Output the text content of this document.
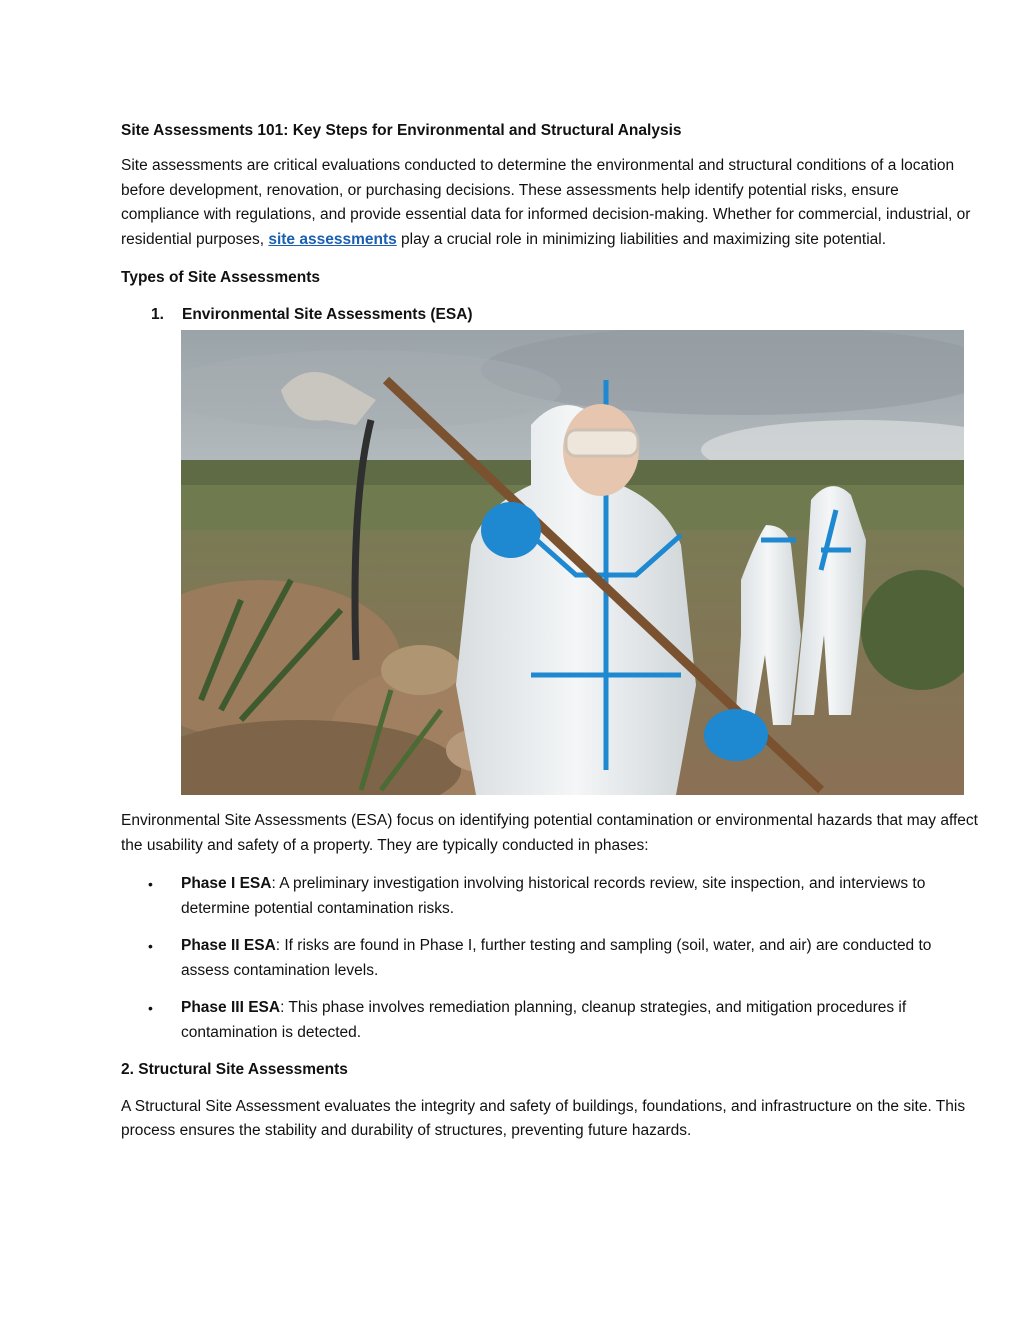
Site Assessments 101: Key Steps for Environmental and Structural Analysis

Site assessments are critical evaluations conducted to determine the environmental and structural conditions of a location before development, renovation, or purchasing decisions. These assessments help identify potential risks, ensure compliance with regulations, and provide essential data for informed decision-making. Whether for commercial, industrial, or residential purposes, site assessments play a crucial role in minimizing liabilities and maximizing site potential.

Types of Site Assessments

1. Environmental Site Assessments (ESA)

Environmental Site Assessments (ESA) focus on identifying potential contamination or environmental hazards that may affect the usability and safety of a property. They are typically conducted in phases:

• Phase I ESA: A preliminary investigation involving historical records review, site inspection, and interviews to determine potential contamination risks.
• Phase II ESA: If risks are found in Phase I, further testing and sampling (soil, water, and air) are conducted to assess contamination levels.
• Phase III ESA: This phase involves remediation planning, cleanup strategies, and mitigation procedures if contamination is detected.

2. Structural Site Assessments

A Structural Site Assessment evaluates the integrity and safety of buildings, foundations, and infrastructure on the site. This process ensures the stability and durability of structures, preventing future hazards.
